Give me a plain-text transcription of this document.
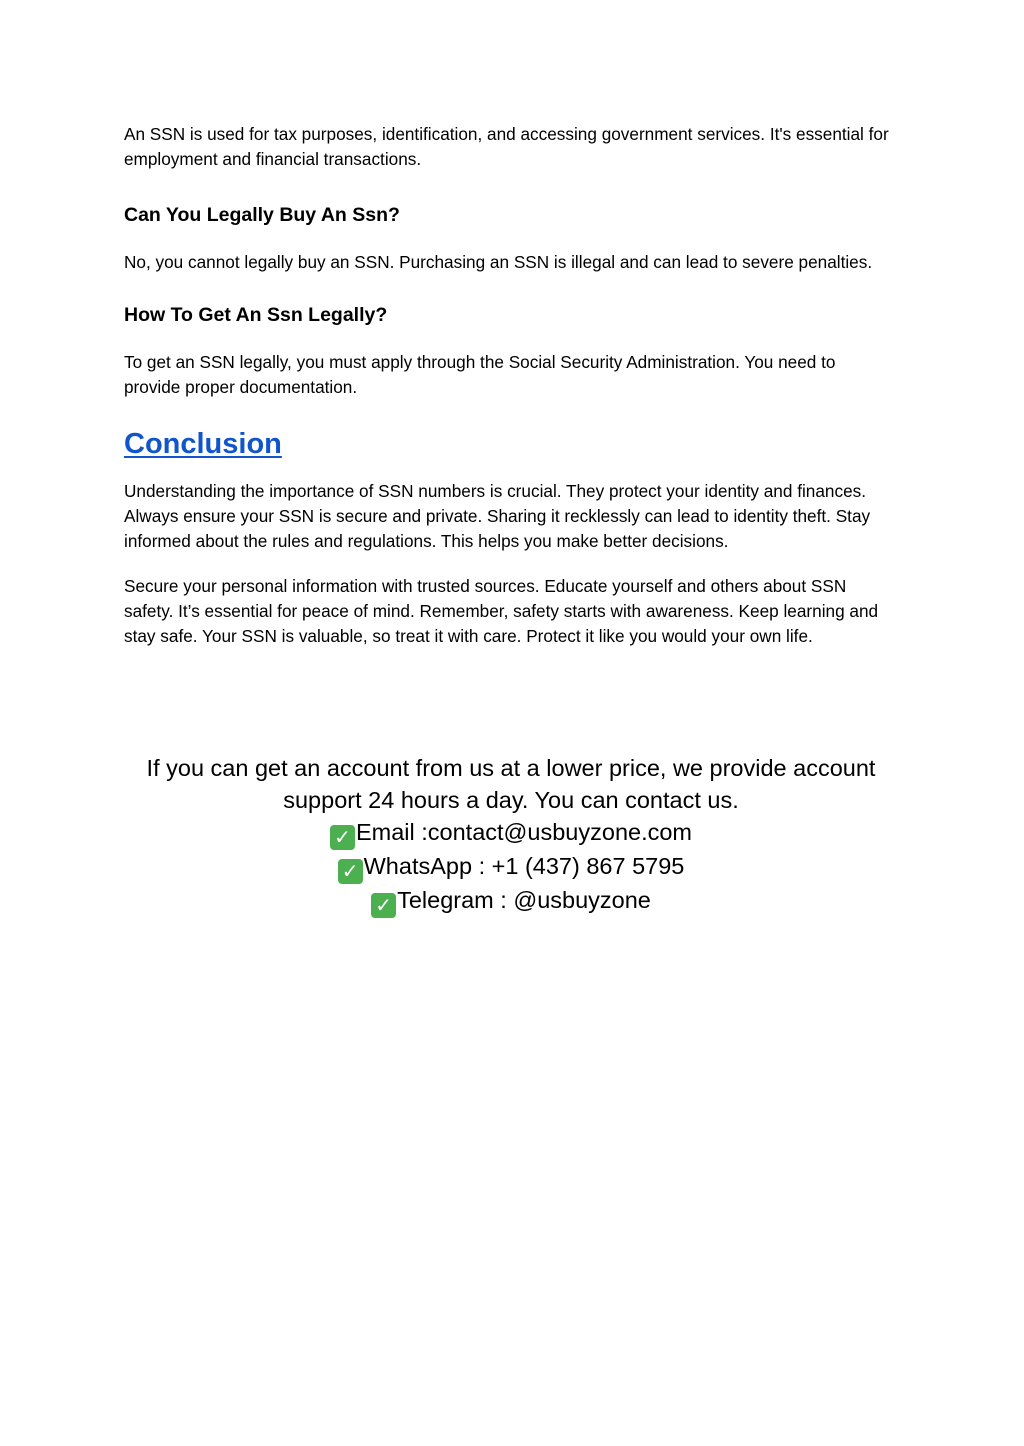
An SSN is used for tax purposes, identification, and accessing government services. It's essential for employment and financial transactions.

Can You Legally Buy An Ssn?

No, you cannot legally buy an SSN. Purchasing an SSN is illegal and can lead to severe penalties.

How To Get An Ssn Legally?

To get an SSN legally, you must apply through the Social Security Administration. You need to provide proper documentation.

Conclusion

Understanding the importance of SSN numbers is crucial. They protect your identity and finances. Always ensure your SSN is secure and private. Sharing it recklessly can lead to identity theft. Stay informed about the rules and regulations. This helps you make better decisions.

Secure your personal information with trusted sources. Educate yourself and others about SSN safety. It’s essential for peace of mind. Remember, safety starts with awareness. Keep learning and stay safe. Your SSN is valuable, so treat it with care. Protect it like you would your own life.

If you can get an account from us at a lower price, we provide account support 24 hours a day. You can contact us.
✓ Email :contact@usbuyzone.com
✓ WhatsApp : +1 (437) 867 5795
✓ Telegram : @usbuyzone
